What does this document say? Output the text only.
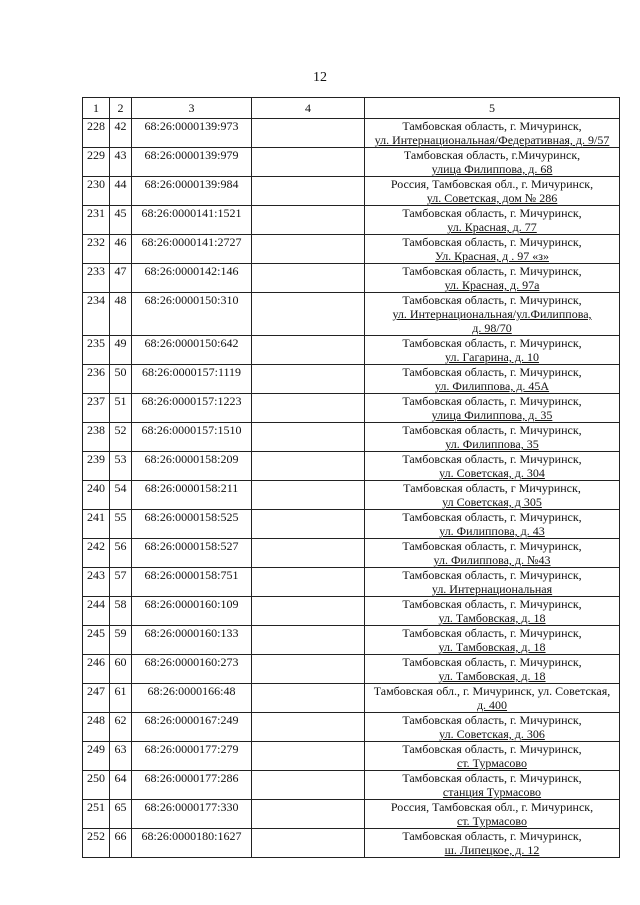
12
1	2	3	4	5
228	42	68:26:0000139:973		Тамбовская область, г. Мичуринск,
ул. Интернациональная/Федеративная, д. 9/57

229	43	68:26:0000139:979		Тамбовская область, г.Мичуринск,
улица Филиппова, д. 68

230	44	68:26:0000139:984		Россия, Тамбовская обл., г. Мичуринск,
ул. Советская, дом № 286

231	45	68:26:0000141:1521		Тамбовская область, г. Мичуринск,
ул. Красная, д. 77

232	46	68:26:0000141:2727		Тамбовская область, г. Мичуринск,
Ул. Красная, д . 97 «з»

233	47	68:26:0000142:146		Тамбовская область, г. Мичуринск,
ул. Красная, д. 97а

234	48	68:26:0000150:310		Тамбовская область, г. Мичуринск,
ул. Интернациональная/ул.Филиппова,
д. 98/70

235	49	68:26:0000150:642		Тамбовская область, г. Мичуринск,
ул. Гагарина, д. 10

236	50	68:26:0000157:1119		Тамбовская область, г. Мичуринск,
ул. Филиппова, д. 45А

237	51	68:26:0000157:1223		Тамбовская область, г. Мичуринск,
улица Филиппова, д. 35

238	52	68:26:0000157:1510		Тамбовская область, г. Мичуринск,
ул. Филиппова, 35

239	53	68:26:0000158:209		Тамбовская область, г. Мичуринск,
ул. Советская, д. 304

240	54	68:26:0000158:211		Тамбовская область, г Мичуринск,
ул Советская, д 305

241	55	68:26:0000158:525		Тамбовская область, г. Мичуринск,
ул. Филиппова, д. 43

242	56	68:26:0000158:527		Тамбовская область, г. Мичуринск,
ул. Филиппова, д. №43

243	57	68:26:0000158:751		Тамбовская область, г. Мичуринск,
ул. Интернациональная

244	58	68:26:0000160:109		Тамбовская область, г. Мичуринск,
ул. Тамбовская, д. 18

245	59	68:26:0000160:133		Тамбовская область, г. Мичуринск,
ул. Тамбовская, д. 18

246	60	68:26:0000160:273		Тамбовская область, г. Мичуринск,
ул. Тамбовская, д. 18

247	61	68:26:0000166:48		Тамбовская обл., г. Мичуринск, ул. Советская,
д. 400

248	62	68:26:0000167:249		Тамбовская область, г. Мичуринск,
ул. Советская, д. 306

249	63	68:26:0000177:279		Тамбовская область, г. Мичуринск,
ст. Турмасово

250	64	68:26:0000177:286		Тамбовская область, г. Мичуринск,
станция Турмасово

251	65	68:26:0000177:330		Россия, Тамбовская обл., г. Мичуринск,
ст. Турмасово

252	66	68:26:0000180:1627		Тамбовская область, г. Мичуринск,
ш. Липецкое, д. 12
